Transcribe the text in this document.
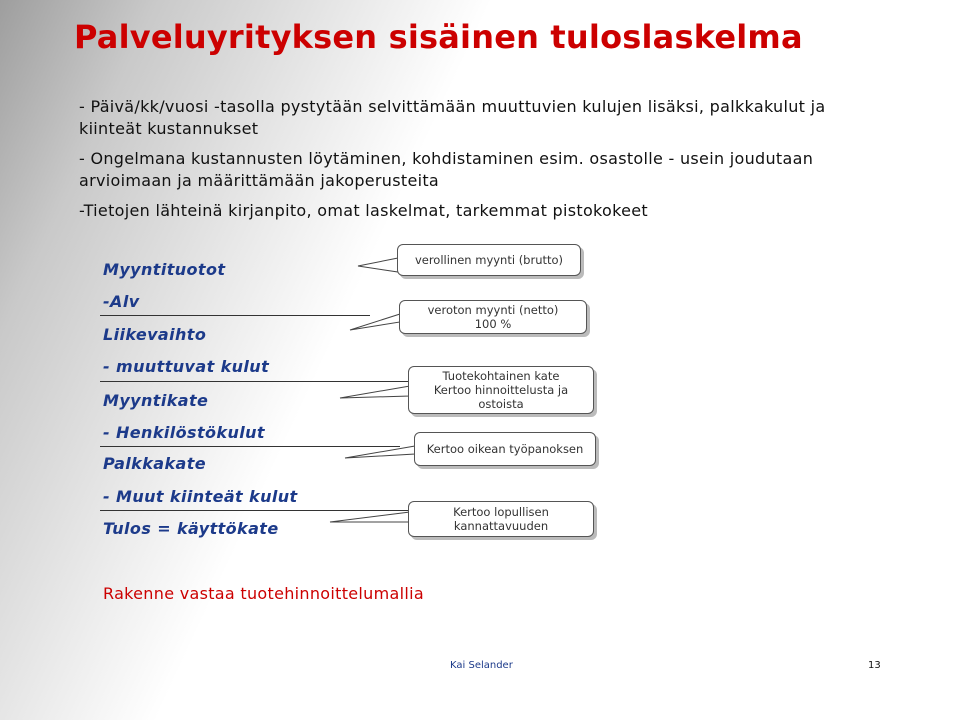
Palveluyrityksen sisäinen tuloslaskelma

- Päivä/kk/vuosi -tasolla pystytään selvittämään muuttuvien kulujen lisäksi, palkkakulut ja kiinteät kustannukset

- Ongelmana kustannusten löytäminen, kohdistaminen esim. osastolle - usein joudutaan arvioimaan ja määrittämään jakoperusteita

-Tietojen lähteinä kirjanpito, omat laskelmat, tarkemmat pistokokeet

Myyntituotot

-Alv

Liikevaihto

- muuttuvat kulut

Myyntikate

- Henkilöstökulut

Palkkakate

- Muut kiinteät kulut

Tulos = käyttökate

verollinen myynti (brutto)
veroton myynti (netto)
100 %
Tuotekohtainen kate
Kertoo hinnoittelusta ja
ostoista
Kertoo oikean työpanoksen
Kertoo lopullisen
kannattavuuden

Rakenne vastaa tuotehinnoittelumallia

Kai Selander	13
